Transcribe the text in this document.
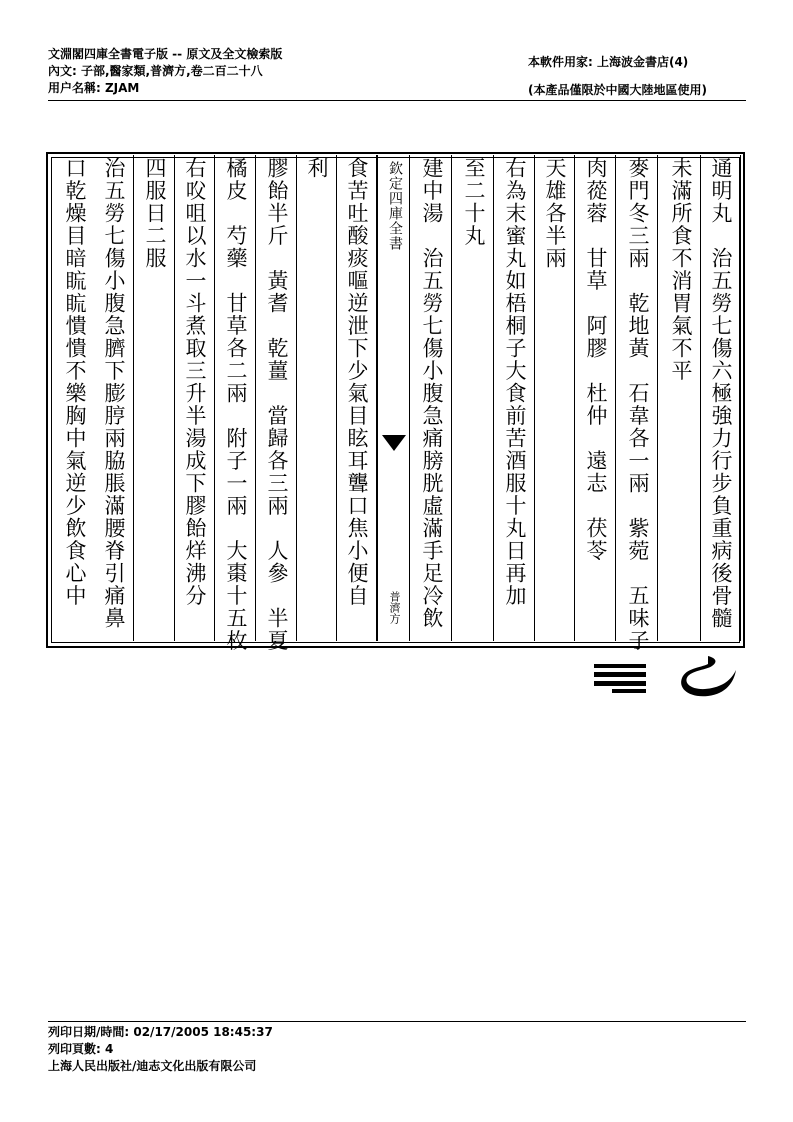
文淵閣四庫全書電子版 -- 原文及全文檢索版
內文: 子部,醫家類,普濟方,卷二百二十八
用户名稱: ZJAM
本軟件用家: 上海波金書店(4)
(本產品僅限於中國大陸地區使用)
通明丸　治五勞七傷六極強力行步負重病後骨髓
未滿所食不消胃氣不平
麥門冬三兩　乾地黃　石韋各一兩　紫菀　五味子
肉蓯蓉　甘草　阿膠　杜仲　遠志　茯苓
天雄各半兩
右為末蜜丸如梧桐子大食前苦酒服十丸日再加
至二十丸
建中湯　治五勞七傷小腹急痛膀胱虛滿手足冷飲
欽定四庫全書
普濟方
食苦吐酸痰嘔逆泄下少氣目眩耳聾口焦小便自
利
膠飴半斤　黃耆　乾薑　當歸各三兩　人參　半夏
橘皮　芍藥　甘草各二兩　附子一兩　大棗十五枚
右㕮咀以水一斗煮取三升半湯成下膠飴烊沸分
四服日二服
治五勞七傷小腹急臍下膨脝兩脇脹滿腰脊引痛鼻
口乾燥目暗䀮䀮憒憒不樂胸中氣逆少飲食心中
列印日期/時間: 02/17/2005 18:45:37
列印頁數: 4
上海人民出版社/迪志文化出版有限公司
